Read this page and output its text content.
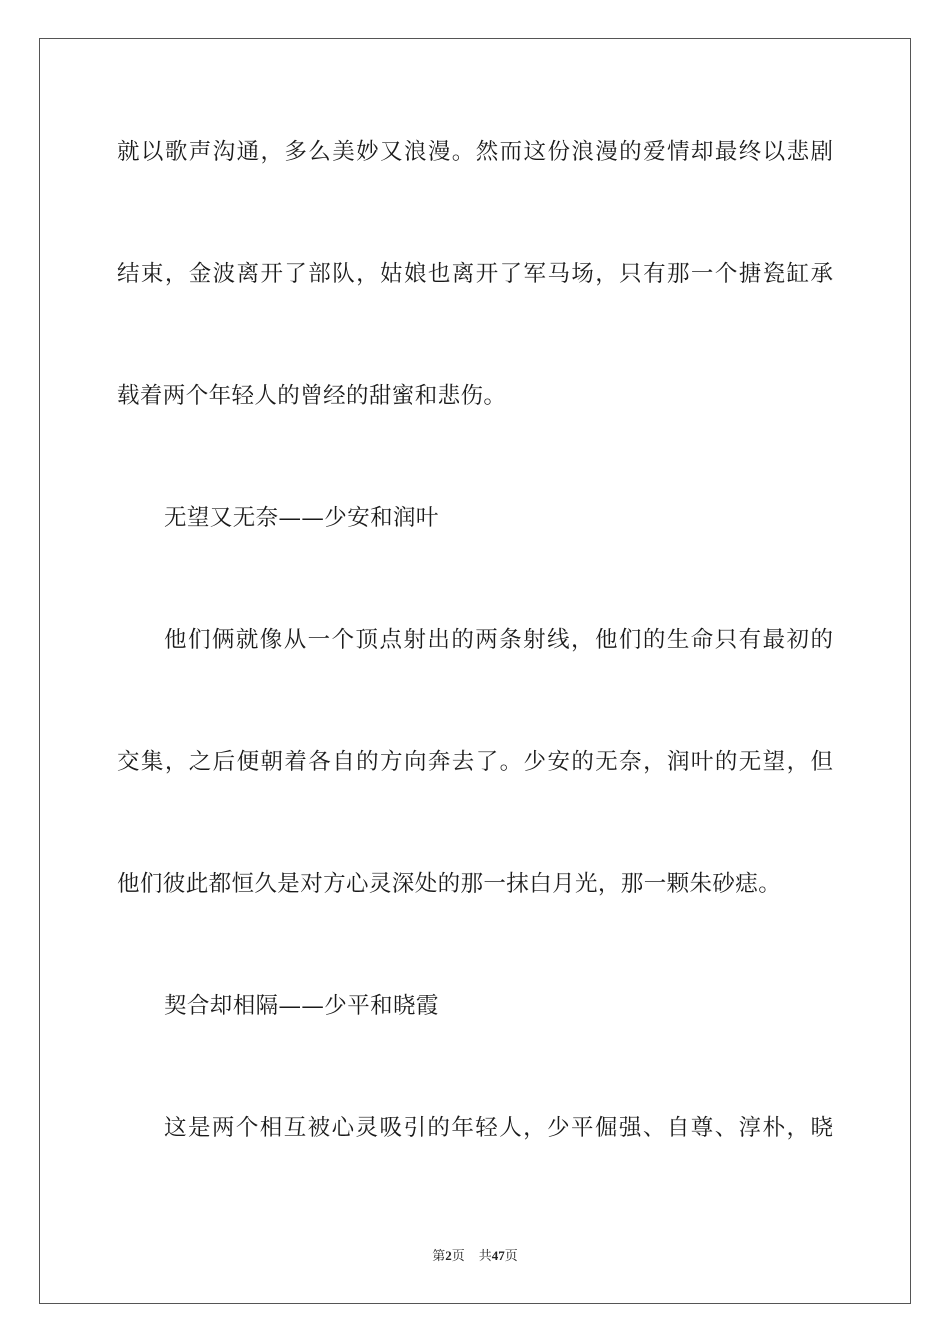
就以歌声沟通，多么美妙又浪漫。然而这份浪漫的爱情却最终以悲剧

结束，金波离开了部队，姑娘也离开了军马场，只有那一个搪瓷缸承

载着两个年轻人的曾经的甜蜜和悲伤。

无望又无奈——少安和润叶

他们俩就像从一个顶点射出的两条射线，他们的生命只有最初的

交集，之后便朝着各自的方向奔去了。少安的无奈，润叶的无望，但

他们彼此都恒久是对方心灵深处的那一抹白月光，那一颗朱砂痣。

契合却相隔——少平和晓霞

这是两个相互被心灵吸引的年轻人，少平倔强、自尊、淳朴，晓

第2页 共47页
